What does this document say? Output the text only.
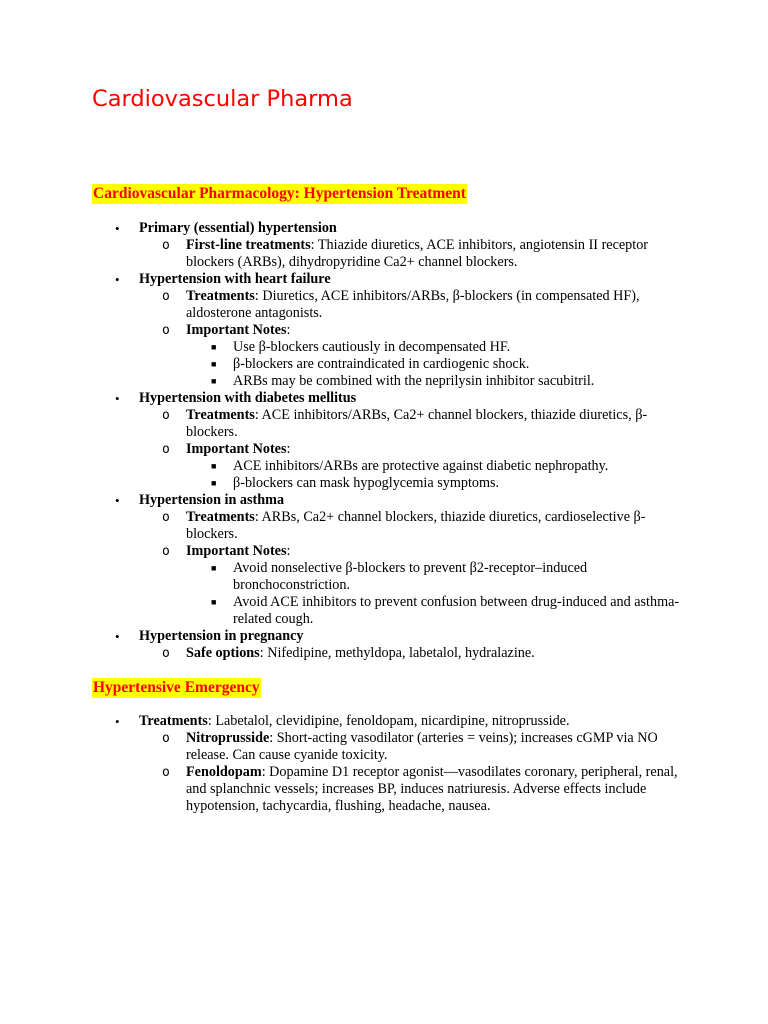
Cardiovascular Pharma
Cardiovascular Pharmacology: Hypertension Treatment
• Primary (essential) hypertension
o First-line treatments: Thiazide diuretics, ACE inhibitors, angiotensin II receptor blockers (ARBs), dihydropyridine Ca2+ channel blockers.
• Hypertension with heart failure
o Treatments: Diuretics, ACE inhibitors/ARBs, β-blockers (in compensated HF), aldosterone antagonists.
o Important Notes:
■ Use β-blockers cautiously in decompensated HF.
■ β-blockers are contraindicated in cardiogenic shock.
■ ARBs may be combined with the neprilysin inhibitor sacubitril.
• Hypertension with diabetes mellitus
o Treatments: ACE inhibitors/ARBs, Ca2+ channel blockers, thiazide diuretics, β-blockers.
o Important Notes:
■ ACE inhibitors/ARBs are protective against diabetic nephropathy.
■ β-blockers can mask hypoglycemia symptoms.
• Hypertension in asthma
o Treatments: ARBs, Ca2+ channel blockers, thiazide diuretics, cardioselective β-blockers.
o Important Notes:
■ Avoid nonselective β-blockers to prevent β2-receptor–induced bronchoconstriction.
■ Avoid ACE inhibitors to prevent confusion between drug-induced and asthma-related cough.
• Hypertension in pregnancy
o Safe options: Nifedipine, methyldopa, labetalol, hydralazine.
Hypertensive Emergency
• Treatments: Labetalol, clevidipine, fenoldopam, nicardipine, nitroprusside.
o Nitroprusside: Short-acting vasodilator (arteries = veins); increases cGMP via NO release. Can cause cyanide toxicity.
o Fenoldopam: Dopamine D1 receptor agonist—vasodilates coronary, peripheral, renal, and splanchnic vessels; increases BP, induces natriuresis. Adverse effects include hypotension, tachycardia, flushing, headache, nausea.
